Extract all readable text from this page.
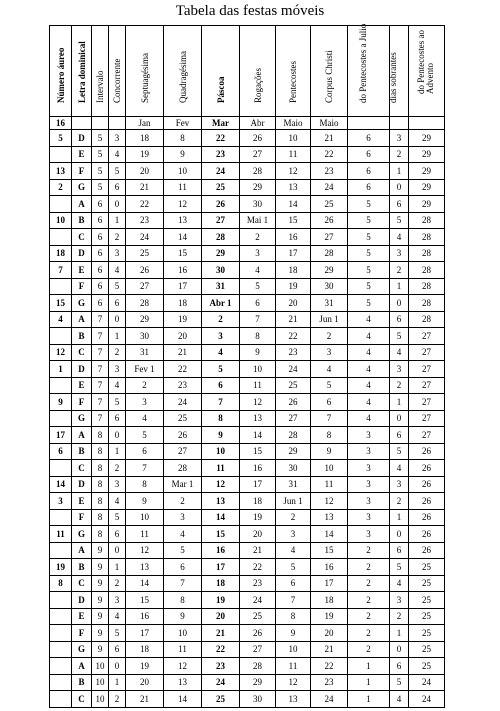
Tabela das festas móveis
Número áureo	Letra dominical	Intervalo	Concorrente	Septuagésima	Quadragésima	Páscoa	Rogações	Pentecostes	Corpus Christi	do Pentecostes a Julio	dias sobrantes	do Pentecostes ao Advento

16				Jan	Fev	Mar	Abr	Maio	Maio			
5	D	5	3	18	8	22	26	10	21	6	3	29
	E	5	4	19	9	23	27	11	22	6	2	29
13	F	5	5	20	10	24	28	12	23	6	1	29
2	G	5	6	21	11	25	29	13	24	6	0	29
	A	6	0	22	12	26	30	14	25	5	6	29
10	B	6	1	23	13	27	Mai 1	15	26	5	5	28
	C	6	2	24	14	28	2	16	27	5	4	28
18	D	6	3	25	15	29	3	17	28	5	3	28
7	E	6	4	26	16	30	4	18	29	5	2	28
	F	6	5	27	17	31	5	19	30	5	1	28
15	G	6	6	28	18	Abr 1	6	20	31	5	0	28
4	A	7	0	29	19	2	7	21	Jun 1	4	6	28
	B	7	1	30	20	3	8	22	2	4	5	27
12	C	7	2	31	21	4	9	23	3	4	4	27
1	D	7	3	Fev 1	22	5	10	24	4	4	3	27
	E	7	4	2	23	6	11	25	5	4	2	27
9	F	7	5	3	24	7	12	26	6	4	1	27
	G	7	6	4	25	8	13	27	7	4	0	27
17	A	8	0	5	26	9	14	28	8	3	6	27
6	B	8	1	6	27	10	15	29	9	3	5	26
	C	8	2	7	28	11	16	30	10	3	4	26
14	D	8	3	8	Mar 1	12	17	31	11	3	3	26
3	E	8	4	9	2	13	18	Jun 1	12	3	2	26
	F	8	5	10	3	14	19	2	13	3	1	26
11	G	8	6	11	4	15	20	3	14	3	0	26
	A	9	0	12	5	16	21	4	15	2	6	26
19	B	9	1	13	6	17	22	5	16	2	5	25
8	C	9	2	14	7	18	23	6	17	2	4	25
	D	9	3	15	8	19	24	7	18	2	3	25
	E	9	4	16	9	20	25	8	19	2	2	25
	F	9	5	17	10	21	26	9	20	2	1	25
	G	9	6	18	11	22	27	10	21	2	0	25
	A	10	0	19	12	23	28	11	22	1	6	25
	B	10	1	20	13	24	29	12	23	1	5	24
	C	10	2	21	14	25	30	13	24	1	4	24
